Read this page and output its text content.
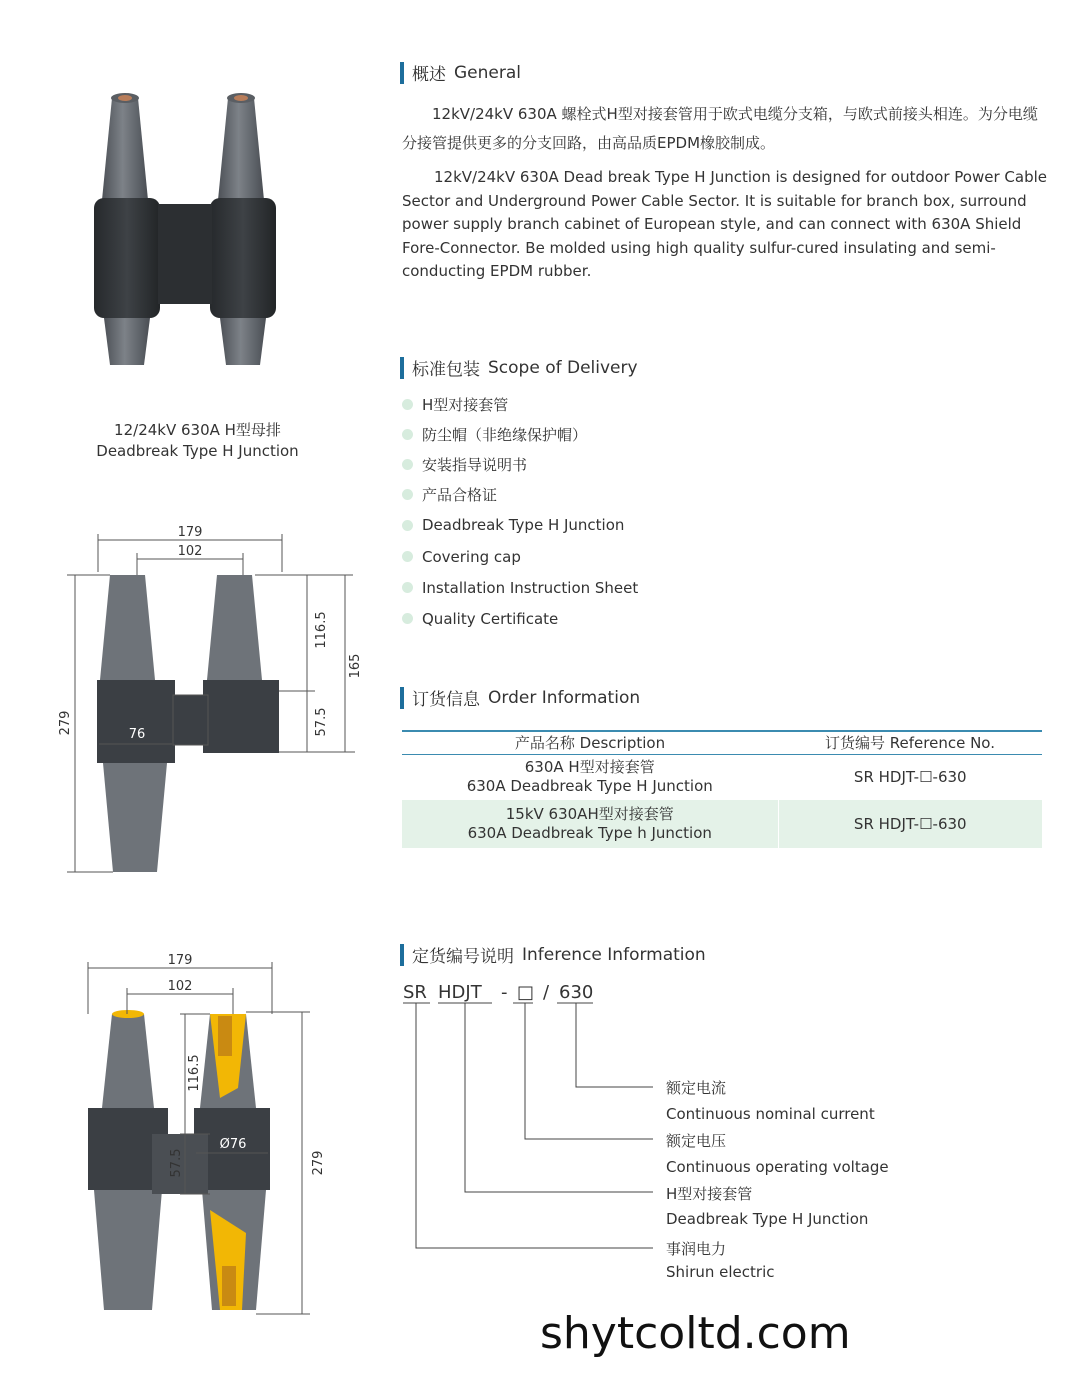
12/24kV 630A H型母排
Deadbreak Type H Junction
179
102
76
279
116.5
57.5
165
179
102
Ø76
116.5
57.5	279
概述 General
12kV/24kV 630A 螺栓式H型对接套管用于欧式电缆分支箱，与欧式前接头相连。为分电缆分接管提供更多的分支回路，由高品质EPDM橡胶制成。
12kV/24kV 630A Dead break Type H Junction is designed for outdoor Power Cable Sector and Underground Power Cable Sector. It is suitable for branch box, surround power supply branch cabinet of European style, and can connect with 630A Shield Fore-Connector. Be molded using high quality sulfur-cured insulating and semi-conducting EPDM rubber.
标准包装 Scope of Delivery
H型对接套管
防尘帽（非绝缘保护帽）
安装指导说明书
产品合格证
Deadbreak Type H Junction
Covering cap
Installation Instruction Sheet
Quality Certificate
订货信息 Order Information
产品名称 Description	订货编号 Reference No.

630A H型对接套管
630A Deadbreak Type H Junction	SR HDJT-☐-630

15kV 630AH型对接套管
630A Deadbreak Type h Junction	SR HDJT-☐-630
定货编号说明 Inference Information
SR HDJT - □ / 630
额定电流
Continuous nominal current
额定电压
Continuous operating voltage
H型对接套管
Deadbreak Type H Junction
事润电力
Shirun electric
shytcoltd.com
